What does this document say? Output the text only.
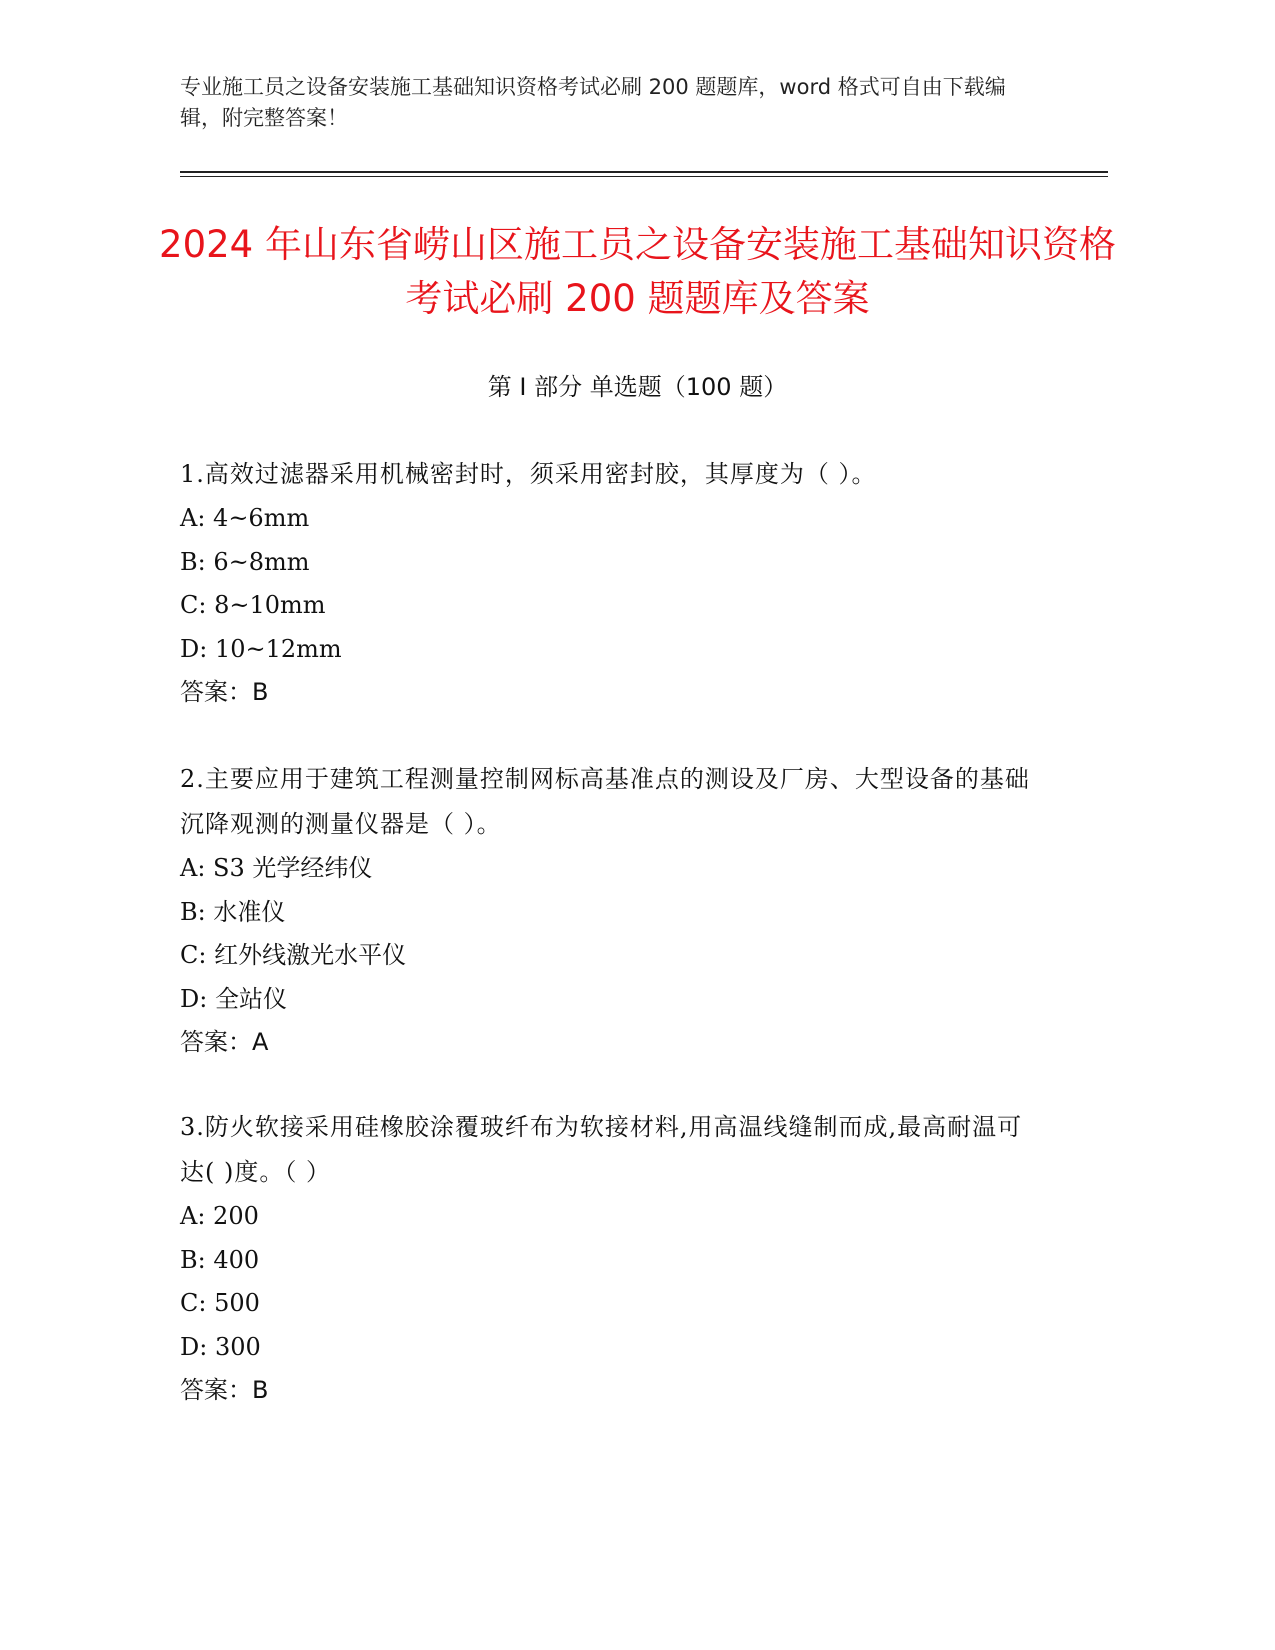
专业施工员之设备安装施工基础知识资格考试必刷 200 题题库，word 格式可自由下载编辑，附完整答案！
2024 年山东省崂山区施工员之设备安装施工基础知识资格考试必刷 200 题题库及答案
第 I 部分 单选题（100 题）
1.高效过滤器采用机械密封时，须采用密封胶，其厚度为（ ）。
A: 4~6mm
B: 6~8mm
C: 8~10mm
D: 10~12mm
答案：B
2.主要应用于建筑工程测量控制网标高基准点的测设及厂房、大型设备的基础沉降观测的测量仪器是（ ）。
A: S3 光学经纬仪
B: 水准仪
C: 红外线激光水平仪
D: 全站仪
答案：A
3.防火软接采用硅橡胶涂覆玻纤布为软接材料,用高温线缝制而成,最高耐温可达( )度。（ ）
A: 200
B: 400
C: 500
D: 300
答案：B
